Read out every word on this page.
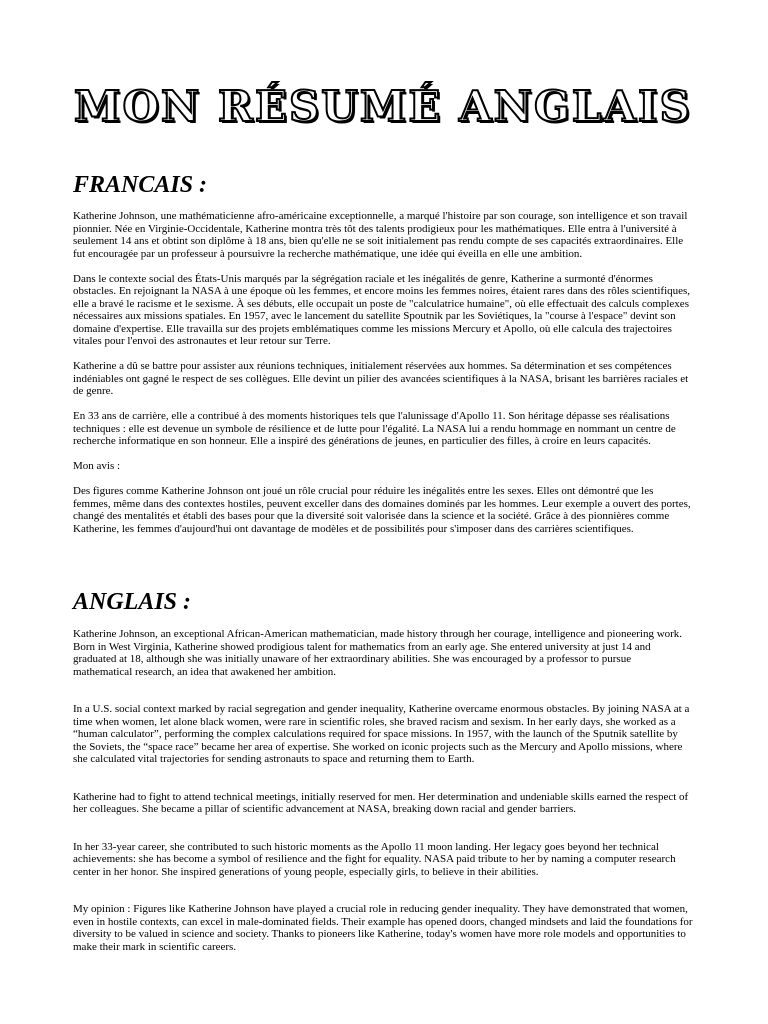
MON RÉSUMÉ ANGLAIS
FRANCAIS :

Katherine Johnson, une mathématicienne afro-américaine exceptionnelle, a marqué l'histoire par son courage, son intelligence et son travail pionnier. Née en Virginie-Occidentale, Katherine montra très tôt des talents prodigieux pour les mathématiques. Elle entra à l'université à seulement 14 ans et obtint son diplôme à 18 ans, bien qu'elle ne se soit initialement pas rendu compte de ses capacités extraordinaires. Elle fut encouragée par un professeur à poursuivre la recherche mathématique, une idée qui éveilla en elle une ambition.

Dans le contexte social des États-Unis marqués par la ségrégation raciale et les inégalités de genre, Katherine a surmonté d'énormes obstacles. En rejoignant la NASA à une époque où les femmes, et encore moins les femmes noires, étaient rares dans des rôles scientifiques, elle a bravé le racisme et le sexisme. À ses débuts, elle occupait un poste de "calculatrice humaine", où elle effectuait des calculs complexes nécessaires aux missions spatiales. En 1957, avec le lancement du satellite Spoutnik par les Soviétiques, la "course à l'espace" devint son domaine d'expertise. Elle travailla sur des projets emblématiques comme les missions Mercury et Apollo, où elle calcula des trajectoires vitales pour l'envoi des astronautes et leur retour sur Terre.

Katherine a dû se battre pour assister aux réunions techniques, initialement réservées aux hommes. Sa détermination et ses compétences indéniables ont gagné le respect de ses collègues. Elle devint un pilier des avancées scientifiques à la NASA, brisant les barrières raciales et de genre.

En 33 ans de carrière, elle a contribué à des moments historiques tels que l'alunissage d'Apollo 11. Son héritage dépasse ses réalisations techniques : elle est devenue un symbole de résilience et de lutte pour l'égalité. La NASA lui a rendu hommage en nommant un centre de recherche informatique en son honneur. Elle a inspiré des générations de jeunes, en particulier des filles, à croire en leurs capacités.

Mon avis :

Des figures comme Katherine Johnson ont joué un rôle crucial pour réduire les inégalités entre les sexes. Elles ont démontré que les femmes, même dans des contextes hostiles, peuvent exceller dans des domaines dominés par les hommes. Leur exemple a ouvert des portes, changé des mentalités et établi des bases pour que la diversité soit valorisée dans la science et la société. Grâce à des pionnières comme Katherine, les femmes d'aujourd'hui ont davantage de modèles et de possibilités pour s'imposer dans des carrières scientifiques.

ANGLAIS :

Katherine Johnson, an exceptional African-American mathematician, made history through her courage, intelligence and pioneering work. Born in West Virginia, Katherine showed prodigious talent for mathematics from an early age. She entered university at just 14 and graduated at 18, although she was initially unaware of her extraordinary abilities. She was encouraged by a professor to pursue mathematical research, an idea that awakened her ambition.

In a U.S. social context marked by racial segregation and gender inequality, Katherine overcame enormous obstacles. By joining NASA at a time when women, let alone black women, were rare in scientific roles, she braved racism and sexism. In her early days, she worked as a “human calculator”, performing the complex calculations required for space missions. In 1957, with the launch of the Sputnik satellite by the Soviets, the “space race” became her area of expertise. She worked on iconic projects such as the Mercury and Apollo missions, where she calculated vital trajectories for sending astronauts to space and returning them to Earth.

Katherine had to fight to attend technical meetings, initially reserved for men. Her determination and undeniable skills earned the respect of her colleagues. She became a pillar of scientific advancement at NASA, breaking down racial and gender barriers.

In her 33-year career, she contributed to such historic moments as the Apollo 11 moon landing. Her legacy goes beyond her technical achievements: she has become a symbol of resilience and the fight for equality. NASA paid tribute to her by naming a computer research center in her honor. She inspired generations of young people, especially girls, to believe in their abilities.

My opinion : Figures like Katherine Johnson have played a crucial role in reducing gender inequality. They have demonstrated that women, even in hostile contexts, can excel in male-dominated fields. Their example has opened doors, changed mindsets and laid the foundations for diversity to be valued in science and society. Thanks to pioneers like Katherine, today's women have more role models and opportunities to make their mark in scientific careers.
